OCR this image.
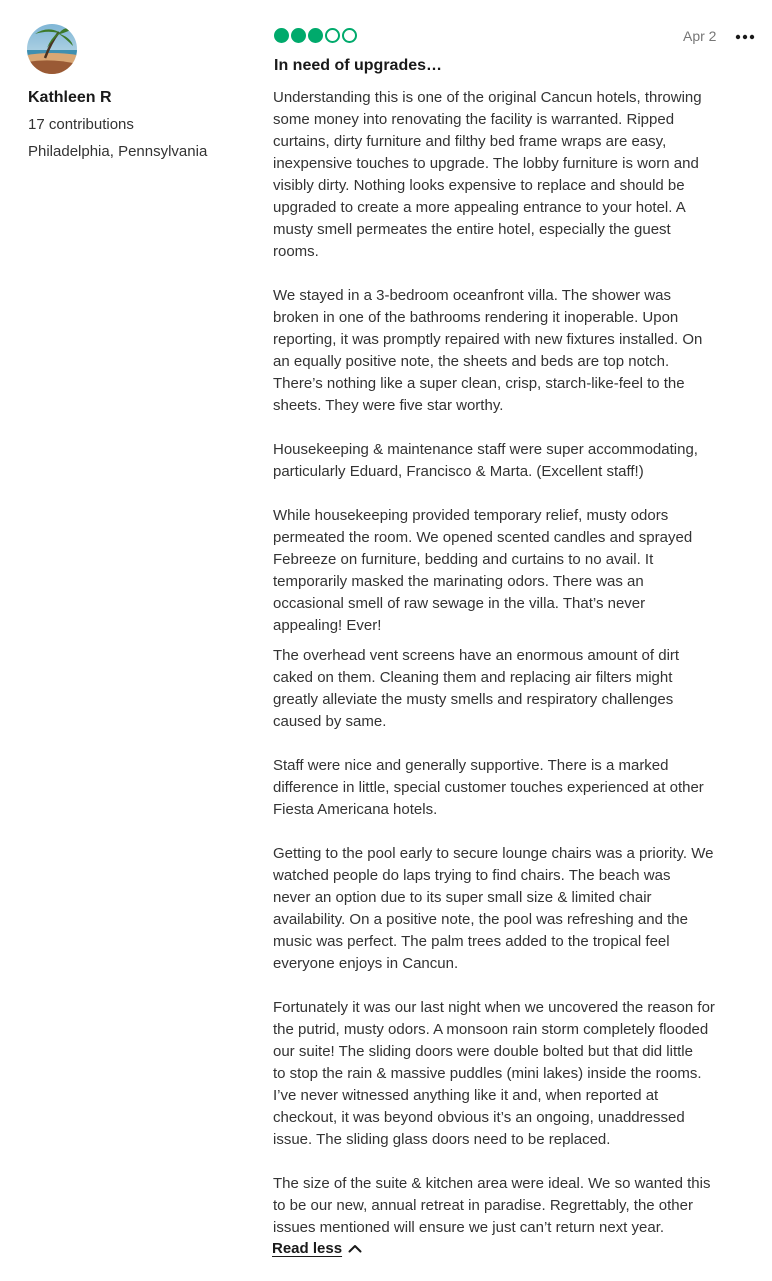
Kathleen R
17 contributions
Philadelphia, Pennsylvania
Apr 2
In need of upgrades…

Understanding this is one of the original Cancun hotels, throwing
some money into renovating the facility is warranted. Ripped
curtains, dirty furniture and filthy bed frame wraps are easy,
inexpensive touches to upgrade. The lobby furniture is worn and
visibly dirty. Nothing looks expensive to replace and should be
upgraded to create a more appealing entrance to your hotel. A
musty smell permeates the entire hotel, especially the guest
rooms.

We stayed in a 3-bedroom oceanfront villa. The shower was
broken in one of the bathrooms rendering it inoperable. Upon
reporting, it was promptly repaired with new fixtures installed. On
an equally positive note, the sheets and beds are top notch.
There’s nothing like a super clean, crisp, starch-like-feel to the
sheets. They were five star worthy.

Housekeeping & maintenance staff were super accommodating,
particularly Eduard, Francisco & Marta. (Excellent staff!)

While housekeeping provided temporary relief, musty odors
permeated the room. We opened scented candles and sprayed
Febreeze on furniture, bedding and curtains to no avail. It
temporarily masked the marinating odors. There was an
occasional smell of raw sewage in the villa. That’s never
appealing! Ever!

The overhead vent screens have an enormous amount of dirt
caked on them. Cleaning them and replacing air filters might
greatly alleviate the musty smells and respiratory challenges
caused by same.

Staff were nice and generally supportive. There is a marked
difference in little, special customer touches experienced at other
Fiesta Americana hotels.

Getting to the pool early to secure lounge chairs was a priority. We
watched people do laps trying to find chairs. The beach was
never an option due to its super small size & limited chair
availability. On a positive note, the pool was refreshing and the
music was perfect. The palm trees added to the tropical feel
everyone enjoys in Cancun.

Fortunately it was our last night when we uncovered the reason for
the putrid, musty odors. A monsoon rain storm completely flooded
our suite! The sliding doors were double bolted but that did little
to stop the rain & massive puddles (mini lakes) inside the rooms.
I’ve never witnessed anything like it and, when reported at
checkout, it was beyond obvious it’s an ongoing, unaddressed
issue. The sliding glass doors need to be replaced.

The size of the suite & kitchen area were ideal. We so wanted this
to be our new, annual retreat in paradise. Regrettably, the other
issues mentioned will ensure we just can’t return next year.

Read less
